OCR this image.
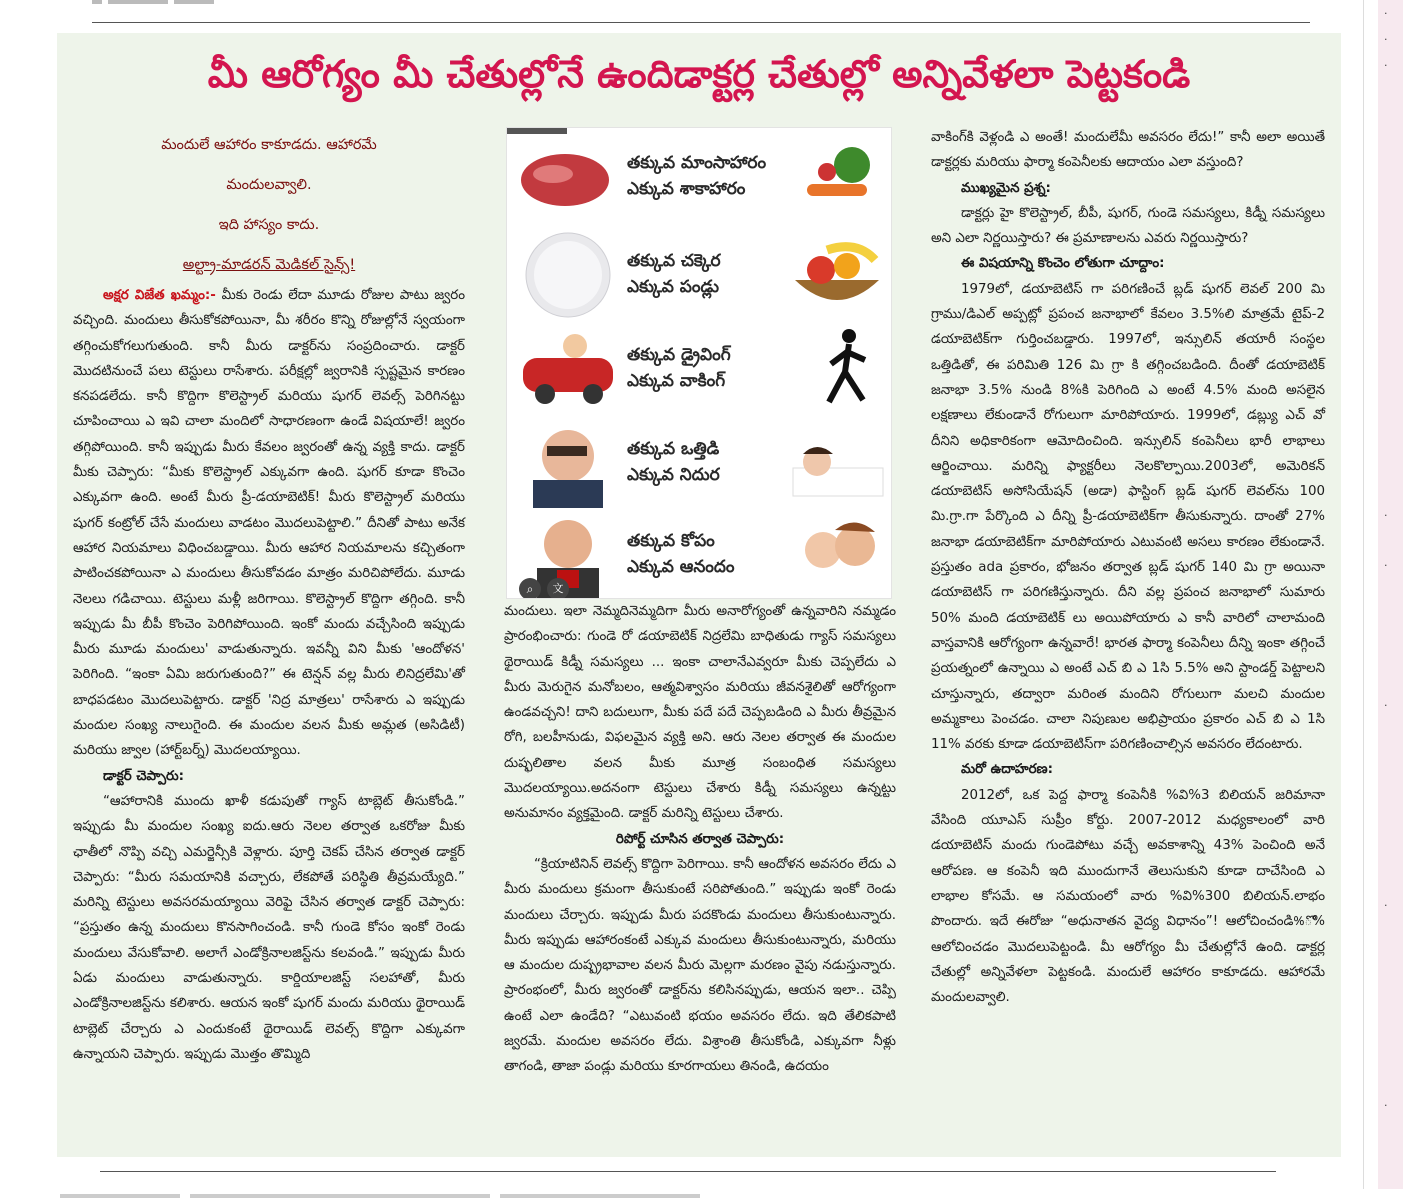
·
·
·
·
·
·
·
·
మీ ఆరోగ్యం మీ చేతుల్లోనే ఉందిడాక్టర్ల చేతుల్లో అన్నివేళలా పెట్టకండి

మందులే ఆహారం కాకూడదు. ఆహారమే

మందులవ్వాలి.

ఇది హాస్యం కాదు.

అల్ట్రా-మాడరన్ మెడికల్ సైన్స్!

అక్షర విజేత ఖమ్మం:- మీకు రెండు లేదా మూడు రోజుల పాటు జ్వరం వచ్చింది. మందులు తీసుకోకపోయినా, మీ శరీరం కొన్ని రోజుల్లోనే స్వయంగా తగ్గించుకోగలుగుతుంది. కానీ మీరు డాక్టర్‌ను సంప్రదించారు. డాక్టర్ మొదటినుంచే పలు టెస్టులు రాసేశారు. పరీక్షల్లో జ్వరానికి స్పష్టమైన కారణం కనపడలేదు. కానీ కొద్దిగా కొలెస్ట్రాల్ మరియు షుగర్ లెవల్స్ పెరిగినట్టు చూపించాయి ఎ ఇవి చాలా మందిలో సాధారణంగా ఉండే విషయాలే! జ్వరం తగ్గిపోయింది. కానీ ఇప్పుడు మీరు కేవలం జ్వరంతో ఉన్న వ్యక్తి కాదు. డాక్టర్ మీకు చెప్పారు: “మీకు కొలెస్ట్రాల్ ఎక్కువగా ఉంది. షుగర్ కూడా కొంచెం ఎక్కువగా ఉంది. అంటే మీరు ప్రీ-డయాబెటిక్! మీరు కొలెస్ట్రాల్ మరియు షుగర్ కంట్రోల్ చేసే మందులు వాడటం మొదలుపెట్టాలి.” దీనితో పాటు అనేక ఆహార నియమాలు విధించబడ్డాయి. మీరు ఆహార నియమాలను కచ్చితంగా పాటించకపోయినా ఎ మందులు తీసుకోవడం మాత్రం మరిచిపోలేదు. మూడు నెలలు గడిచాయి. టెస్టులు మళ్లీ జరిగాయి. కొలెస్ట్రాల్ కొద్దిగా తగ్గింది. కానీ ఇప్పుడు మీ బీపీ కొంచెం పెరిగిపోయింది. ఇంకో మందు వచ్చేసింది ఇప్పుడు మీరు మూడు మందులు' వాడుతున్నారు. ఇవన్నీ విని మీకు 'ఆందోళన' పెరిగింది. “ఇంకా ఏమి జరుగుతుంది?” ఈ టెన్షన్ వల్ల మీరు లినిద్రలేమి'తో బాధపడటం మొదలుపెట్టారు. డాక్టర్ 'నిద్ర మాత్రలు' రాసేశారు ఎ ఇప్పుడు మందుల సంఖ్య నాలుగైంది. ఈ మందుల వలన మీకు అమ్లత (అసిడిటీ) మరియు జ్వాల (హార్ట్‌బర్న్) మొదలయ్యాయి.

డాక్టర్ చెప్పారు:

“ఆహారానికి ముందు ఖాళీ కడుపుతో గ్యాస్ టాబ్లెట్ తీసుకోండి.” ఇప్పుడు మీ మందుల సంఖ్య ఐదు.ఆరు నెలల తర్వాత ఒకరోజు మీకు ఛాతీలో నొప్పి వచ్చి ఎమర్జెన్సీకి వెళ్లారు. పూర్తి చెకప్ చేసిన తర్వాత డాక్టర్ చెప్పారు: “మీరు సమయానికి వచ్చారు, లేకపోతే పరిస్థితి తీవ్రమయ్యేది.” మరిన్ని టెస్టులు అవసరమయ్యాయి వెరిఫై చేసిన తర్వాత డాక్టర్ చెప్పారు: “ప్రస్తుతం ఉన్న మందులు కొనసాగించండి. కానీ గుండె కోసం ఇంకో రెండు మందులు వేసుకోవాలి. అలాగే ఎండోక్రినాలజిస్ట్‌ను కలవండి.” ఇప్పుడు మీరు ఏడు మందులు వాడుతున్నారు. కార్డియాలజిస్ట్ సలహాతో, మీరు ఎండోక్రినాలజిస్ట్‌ను కలిశారు. ఆయన ఇంకో షుగర్ మందు మరియు థైరాయిడ్ టాబ్లెట్ చేర్చారు ఎ ఎందుకంటే థైరాయిడ్ లెవల్స్ కొద్దిగా ఎక్కువగా ఉన్నాయని చెప్పారు. ఇప్పుడు మొత్తం తొమ్మిది

తక్కువ మాంసాహారం
ఎక్కువ శాకాహారం
తక్కువ చక్కెర
ఎక్కువ పండ్లు
తక్కువ డ్రైవింగ్
ఎక్కువ వాకింగ్
తక్కువ ఒత్తిడి
ఎక్కువ నిదుర
తక్కువ కోపం
ఎక్కువ ఆనందం
⌕	文

మందులు. ఇలా నెమ్మదినెమ్మదిగా మీరు అనారోగ్యంతో ఉన్నవారిని నమ్మడం ప్రారంభించారు: గుండె రో డయాబెటిక్ నిద్రలేమి బాధితుడు గ్యాస్ సమస్యలు థైరాయిడ్ కిడ్నీ సమస్యలు ... ఇంకా చాలానేఎవ్వరూ మీకు చెప్పలేదు ఎ మీరు మెరుగైన మనోబలం, ఆత్మవిశ్వాసం మరియు జీవనశైలితో ఆరోగ్యంగా ఉండవచ్చని! దాని బదులుగా, మీకు పదే పదే చెప్పబడింది ఎ మీరు తీవ్రమైన రోగి, బలహీనుడు, విఫలమైన వ్యక్తి అని. ఆరు నెలల తర్వాత ఈ మందుల దుష్ఫలితాల వలన మీకు మూత్ర సంబంధిత సమస్యలు మొదలయ్యాయి.అదనంగా టెస్టులు చేశారు కిడ్నీ సమస్యలు ఉన్నట్టు అనుమానం వ్యక్తమైంది. డాక్టర్ మరిన్ని టెస్టులు చేశారు.

రిపోర్ట్ చూసిన తర్వాత చెప్పారు:

“క్రియాటినిన్ లెవల్స్ కొద్దిగా పెరిగాయి. కానీ ఆందోళన అవసరం లేదు ఎ మీరు మందులు క్రమంగా తీసుకుంటే సరిపోతుంది.” ఇప్పుడు ఇంకో రెండు మందులు చేర్చారు. ఇప్పుడు మీరు పదకొండు మందులు తీసుకుంటున్నారు. మీరు ఇప్పుడు ఆహారంకంటే ఎక్కువ మందులు తీసుకుంటున్నారు, మరియు ఆ మందుల దుష్ప్రభావాల వలన మీరు మెల్లగా మరణం వైపు నడుస్తున్నారు. ప్రారంభంలో, మీరు జ్వరంతో డాక్టర్‌ను కలిసినప్పుడు, ఆయన ఇలా.. చెప్పి ఉంటే ఎలా ఉండేది? “ఎటువంటి భయం అవసరం లేదు. ఇది తేలికపాటి జ్వరమే. మందుల అవసరం లేదు. విశ్రాంతి తీసుకోండి, ఎక్కువగా నీళ్లు తాగండి, తాజా పండ్లు మరియు కూరగాయలు తినండి, ఉదయం

వాకింగ్‌కి వెళ్లండి ఎ అంతే! మందులేమీ అవసరం లేదు!” కానీ అలా అయితే డాక్టర్లకు మరియు ఫార్మా కంపెనీలకు ఆదాయం ఎలా వస్తుంది?

ముఖ్యమైన ప్రశ్న:

డాక్టర్లు హై కొలెస్ట్రాల్, బీపీ, షుగర్, గుండె సమస్యలు, కిడ్నీ సమస్యలు అని ఎలా నిర్ణయిస్తారు? ఈ ప్రమాణాలను ఎవరు నిర్ణయిస్తారు?

ఈ విషయాన్ని కొంచెం లోతుగా చూద్దాం:

1979లో, డయాబెటిస్ గా పరిగణించే బ్లడ్ షుగర్ లెవల్ 200 మి గ్రాము/డిఎల్ అప్పట్లో ప్రపంచ జనాభాలో కేవలం 3.5%లి మాత్రమే టైప్-2 డయాబెటిక్‌గా గుర్తించబడ్డారు. 1997లో, ఇన్సులిన్ తయారీ సంస్థల ఒత్తిడితో, ఈ పరిమితి 126 మి గ్రా కి తగ్గించబడింది. దీంతో డయాబెటిక్ జనాభా 3.5% నుండి 8%కి పెరిగింది ఎ అంటే 4.5% మంది అసలైన లక్షణాలు లేకుండానే రోగులుగా మారిపోయారు. 1999లో, డబ్ల్యు ఎచ్ వో దీనిని అధికారికంగా ఆమోదించింది. ఇన్సులిన్ కంపెనీలు భారీ లాభాలు ఆర్జించాయి. మరిన్ని ఫ్యాక్టరీలు నెలకొల్పాయి.2003లో, అమెరికన్ డయాబెటిస్ అసోసియేషన్ (అడా) ఫాస్టింగ్ బ్లడ్ షుగర్ లెవల్‌ను 100 మి.గ్రా.గా పేర్కొంది ఎ దీన్ని ప్రీ-డయాబెటిక్‌గా తీసుకున్నారు. దాంతో 27% జనాభా డయాబెటిక్‌గా మారిపోయారు ఎటువంటి అసలు కారణం లేకుండానే. ప్రస్తుతం ada ప్రకారం, భోజనం తర్వాత బ్లడ్ షుగర్ 140 మి గ్రా అయినా డయాబెటిస్ గా పరిగణిస్తున్నారు. దీని వల్ల ప్రపంచ జనాభాలో సుమారు 50% మంది డయాబెటిక్ లు అయిపోయారు ఎ కానీ వారిలో చాలామంది వాస్తవానికి ఆరోగ్యంగా ఉన్నవారే! భారత ఫార్మా కంపెనీలు దీన్ని ఇంకా తగ్గించే ప్రయత్నంలో ఉన్నాయి ఎ అంటే ఎచ్ బి ఎ 1సి 5.5% అని స్టాండర్డ్ పెట్టాలని చూస్తున్నారు, తద్వారా మరింత మందిని రోగులుగా మలచి మందుల అమ్మకాలు పెంచడం. చాలా నిపుణుల అభిప్రాయం ప్రకారం ఎచ్ బి ఎ 1సి 11% వరకు కూడా డయాబెటిస్‌గా పరిగణించాల్సిన అవసరం లేదంటారు.

మరో ఉదాహరణ:

2012లో, ఒక పెద్ద ఫార్మా కంపెనీకి %వి%3 బిలియన్ జరిమానా వేసింది యూఎస్ సుప్రీం కోర్టు. 2007-2012 మధ్యకాలంలో వారి డయాబెటిస్ మందు గుండెపోటు వచ్చే అవకాశాన్ని 43% పెంచింది అనే ఆరోపణ. ఆ కంపెనీ ఇది ముందుగానే తెలుసుకుని కూడా దాచేసింది ఎ లాభాల కోసమే. ఆ సమయంలో వారు %వి%300 బిలియన్.లాభం పొందారు. ఇదే ఈరోజు “అధునాతన వైద్య విధానం”! ఆలోచించండి%ొ% ఆలోచించడం మొదలుపెట్టండి. మీ ఆరోగ్యం మీ చేతుల్లోనే ఉంది. డాక్టర్ల చేతుల్లో అన్నివేళలా పెట్టకండి. మందులే ఆహారం కాకూడదు. ఆహారమే మందులవ్వాలి.
